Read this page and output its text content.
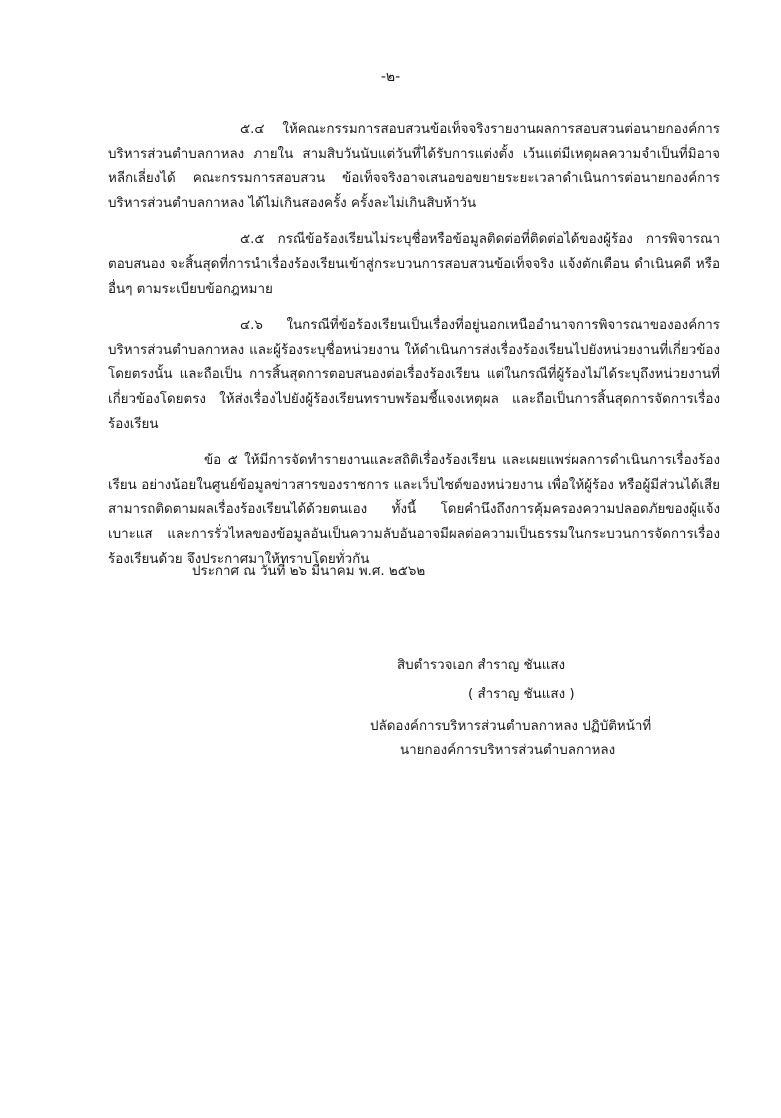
-๒-

๕.๔ ให้คณะกรรมการสอบสวนข้อเท็จจริงรายงานผลการสอบสวนต่อนายกองค์การบริหารส่วนตำบลกาหลง ภายใน สามสิบวันนับแต่วันที่ได้รับการแต่งตั้ง เว้นแต่มีเหตุผลความจำเป็นที่มิอาจหลีกเลี่ยงได้ คณะกรรมการสอบสวน ข้อเท็จจริงอาจเสนอขอขยายระยะเวลาดำเนินการต่อนายกองค์การบริหารส่วนตำบลกาหลง ได้ไม่เกินสองครั้ง ครั้งละไม่เกินสิบห้าวัน

๕.๕ กรณีข้อร้องเรียนไม่ระบุชื่อหรือข้อมูลติดต่อที่ติดต่อได้ของผู้ร้อง การพิจารณาตอบสนอง จะสิ้นสุดที่การนำเรื่องร้องเรียนเข้าสู่กระบวนการสอบสวนข้อเท็จจริง แจ้งตักเตือน ดำเนินคดี หรืออื่นๆ ตามระเบียบข้อกฎหมาย

๔.๖ ในกรณีที่ข้อร้องเรียนเป็นเรื่องที่อยู่นอกเหนืออำนาจการพิจารณาขององค์การบริหารส่วนตำบลกาหลง และผู้ร้องระบุชื่อหน่วยงาน ให้ดำเนินการส่งเรื่องร้องเรียนไปยังหน่วยงานที่เกี่ยวข้องโดยตรงนั้น และถือเป็น การสิ้นสุดการตอบสนองต่อเรื่องร้องเรียน แต่ในกรณีที่ผู้ร้องไม่ได้ระบุถึงหน่วยงานที่เกี่ยวข้องโดยตรง ให้ส่งเรื่องไปยังผู้ร้องเรียนทราบพร้อมชี้แจงเหตุผล และถือเป็นการสิ้นสุดการจัดการเรื่องร้องเรียน

ข้อ ๕ ให้มีการจัดทำรายงานและสถิติเรื่องร้องเรียน และเผยแพร่ผลการดำเนินการเรื่องร้องเรียน อย่างน้อยในศูนย์ข้อมูลข่าวสารของราชการ และเว็บไซต์ของหน่วยงาน เพื่อให้ผู้ร้อง หรือผู้มีส่วนได้เสีย สามารถติดตามผลเรื่องร้องเรียนได้ด้วยตนเอง ทั้งนี้ โดยคำนึงถึงการคุ้มครองความปลอดภัยของผู้แจ้งเบาะแส และการรั่วไหลของข้อมูลอันเป็นความลับอันอาจมีผลต่อความเป็นธรรมในกระบวนการจัดการเรื่องร้องเรียนด้วย จึงประกาศมาให้ทราบโดยทั่วกัน

ประกาศ ณ วันที่ ๒๖ มีนาคม พ.ศ. ๒๕๖๒
สิบตำรวจเอก สำราญ ชันแสง
( สำราญ ชันแสง )
ปลัดองค์การบริหารส่วนตำบลกาหลง ปฏิบัติหน้าที่
นายกองค์การบริหารส่วนตำบลกาหลง
